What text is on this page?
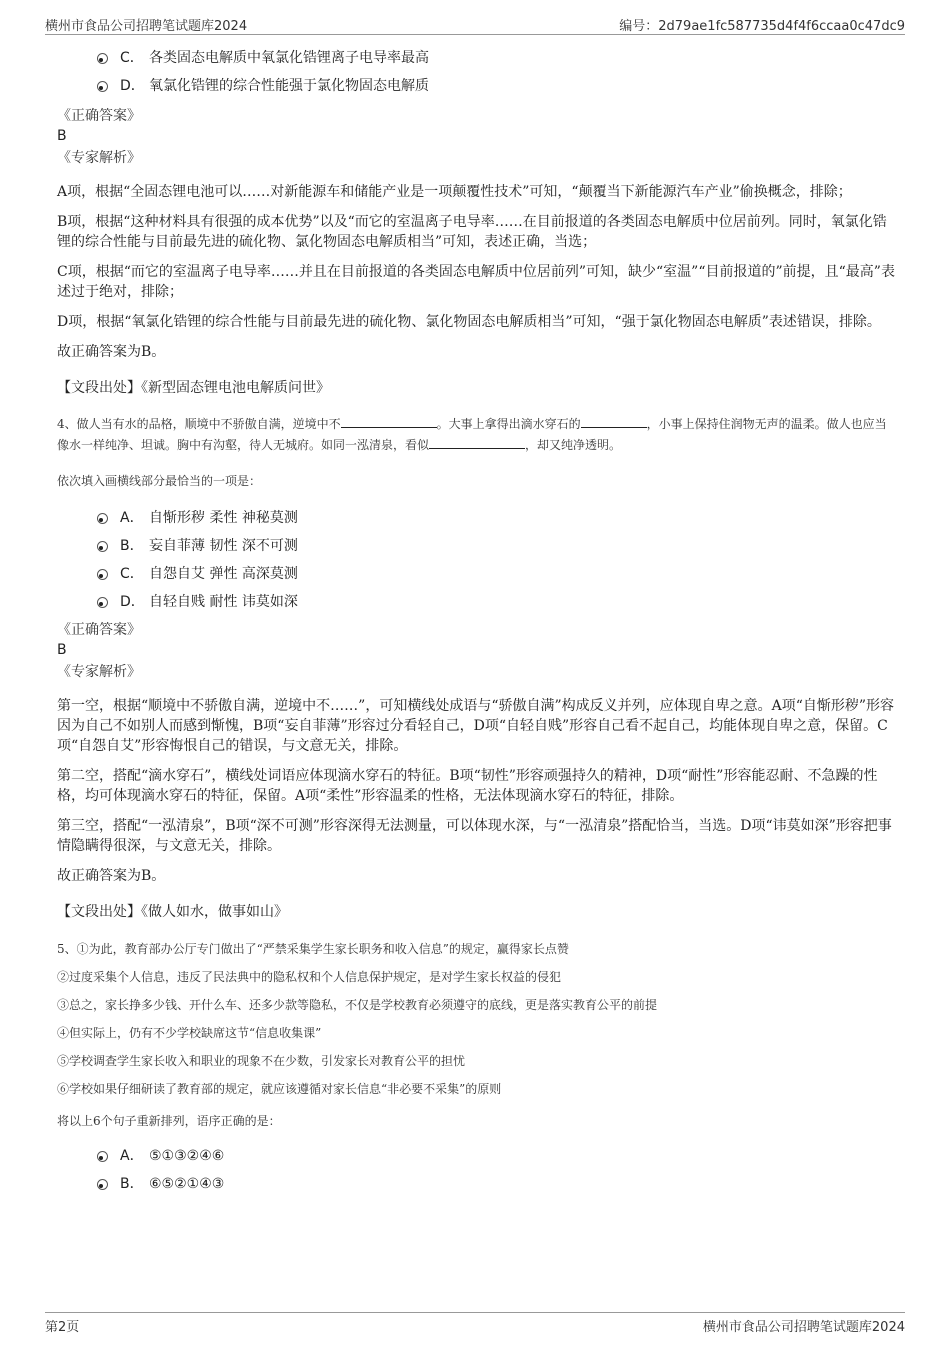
横州市食品公司招聘笔试题库2024	编号：2d79ae1fc587735d4f4f6ccaa0c47dc9
C． 各类固态电解质中氧氯化锆锂离子电导率最高
D． 氧氯化锆锂的综合性能强于氯化物固态电解质
《正确答案》
B
《专家解析》

A项，根据“全固态锂电池可以……对新能源车和储能产业是一项颠覆性技术”可知，“颠覆当下新能源汽车产业”偷换概念，排除；

B项，根据“这种材料具有很强的成本优势”以及“而它的室温离子电导率……在目前报道的各类固态电解质中位居前列。同时，氧氯化锆锂的综合性能与目前最先进的硫化物、氯化物固态电解质相当”可知，表述正确，当选；

C项，根据“而它的室温离子电导率……并且在目前报道的各类固态电解质中位居前列”可知，缺少“室温”“目前报道的”前提，且“最高”表述过于绝对，排除；

D项，根据“氧氯化锆锂的综合性能与目前最先进的硫化物、氯化物固态电解质相当”可知，“强于氯化物固态电解质”表述错误，排除。

故正确答案为B。

【文段出处】《新型固态锂电池电解质问世》
4、做人当有水的品格，顺境中不骄傲自满，逆境中不	。大事上拿得出滴水穿石的	，小事上保持住润物无声的温柔。做人也应当像水一样纯净、坦诚。胸中有沟壑，待人无城府。如同一泓清泉，看似	，却又纯净透明。
依次填入画横线部分最恰当的一项是：
A． 自惭形秽 柔性 神秘莫测
B． 妄自菲薄 韧性 深不可测
C． 自怨自艾 弹性 高深莫测
D． 自轻自贱 耐性 讳莫如深
《正确答案》
B
《专家解析》

第一空，根据“顺境中不骄傲自满，逆境中不……”，可知横线处成语与“骄傲自满”构成反义并列，应体现自卑之意。A项“自惭形秽”形容因为自己不如别人而感到惭愧，B项“妄自菲薄”形容过分看轻自己，D项“自轻自贱”形容自己看不起自己，均能体现自卑之意，保留。C项“自怨自艾”形容悔恨自己的错误，与文意无关，排除。

第二空，搭配“滴水穿石”，横线处词语应体现滴水穿石的特征。B项“韧性”形容顽强持久的精神，D项“耐性”形容能忍耐、不急躁的性格，均可体现滴水穿石的特征，保留。A项“柔性”形容温柔的性格，无法体现滴水穿石的特征，排除。

第三空，搭配“一泓清泉”，B项“深不可测”形容深得无法测量，可以体现水深，与“一泓清泉”搭配恰当，当选。D项“讳莫如深”形容把事情隐瞒得很深，与文意无关，排除。

故正确答案为B。

【文段出处】《做人如水，做事如山》
5、①为此，教育部办公厅专门做出了“严禁采集学生家长职务和收入信息”的规定，赢得家长点赞
②过度采集个人信息，违反了民法典中的隐私权和个人信息保护规定，是对学生家长权益的侵犯
③总之，家长挣多少钱、开什么车、还多少款等隐私，不仅是学校教育必须遵守的底线，更是落实教育公平的前提
④但实际上，仍有不少学校缺席这节“信息收集课”
⑤学校调查学生家长收入和职业的现象不在少数，引发家长对教育公平的担忧
⑥学校如果仔细研读了教育部的规定，就应该遵循对家长信息“非必要不采集”的原则
将以上6个句子重新排列，语序正确的是：
A． ⑤①③②④⑥
B． ⑥⑤②①④③
第2页	横州市食品公司招聘笔试题库2024
